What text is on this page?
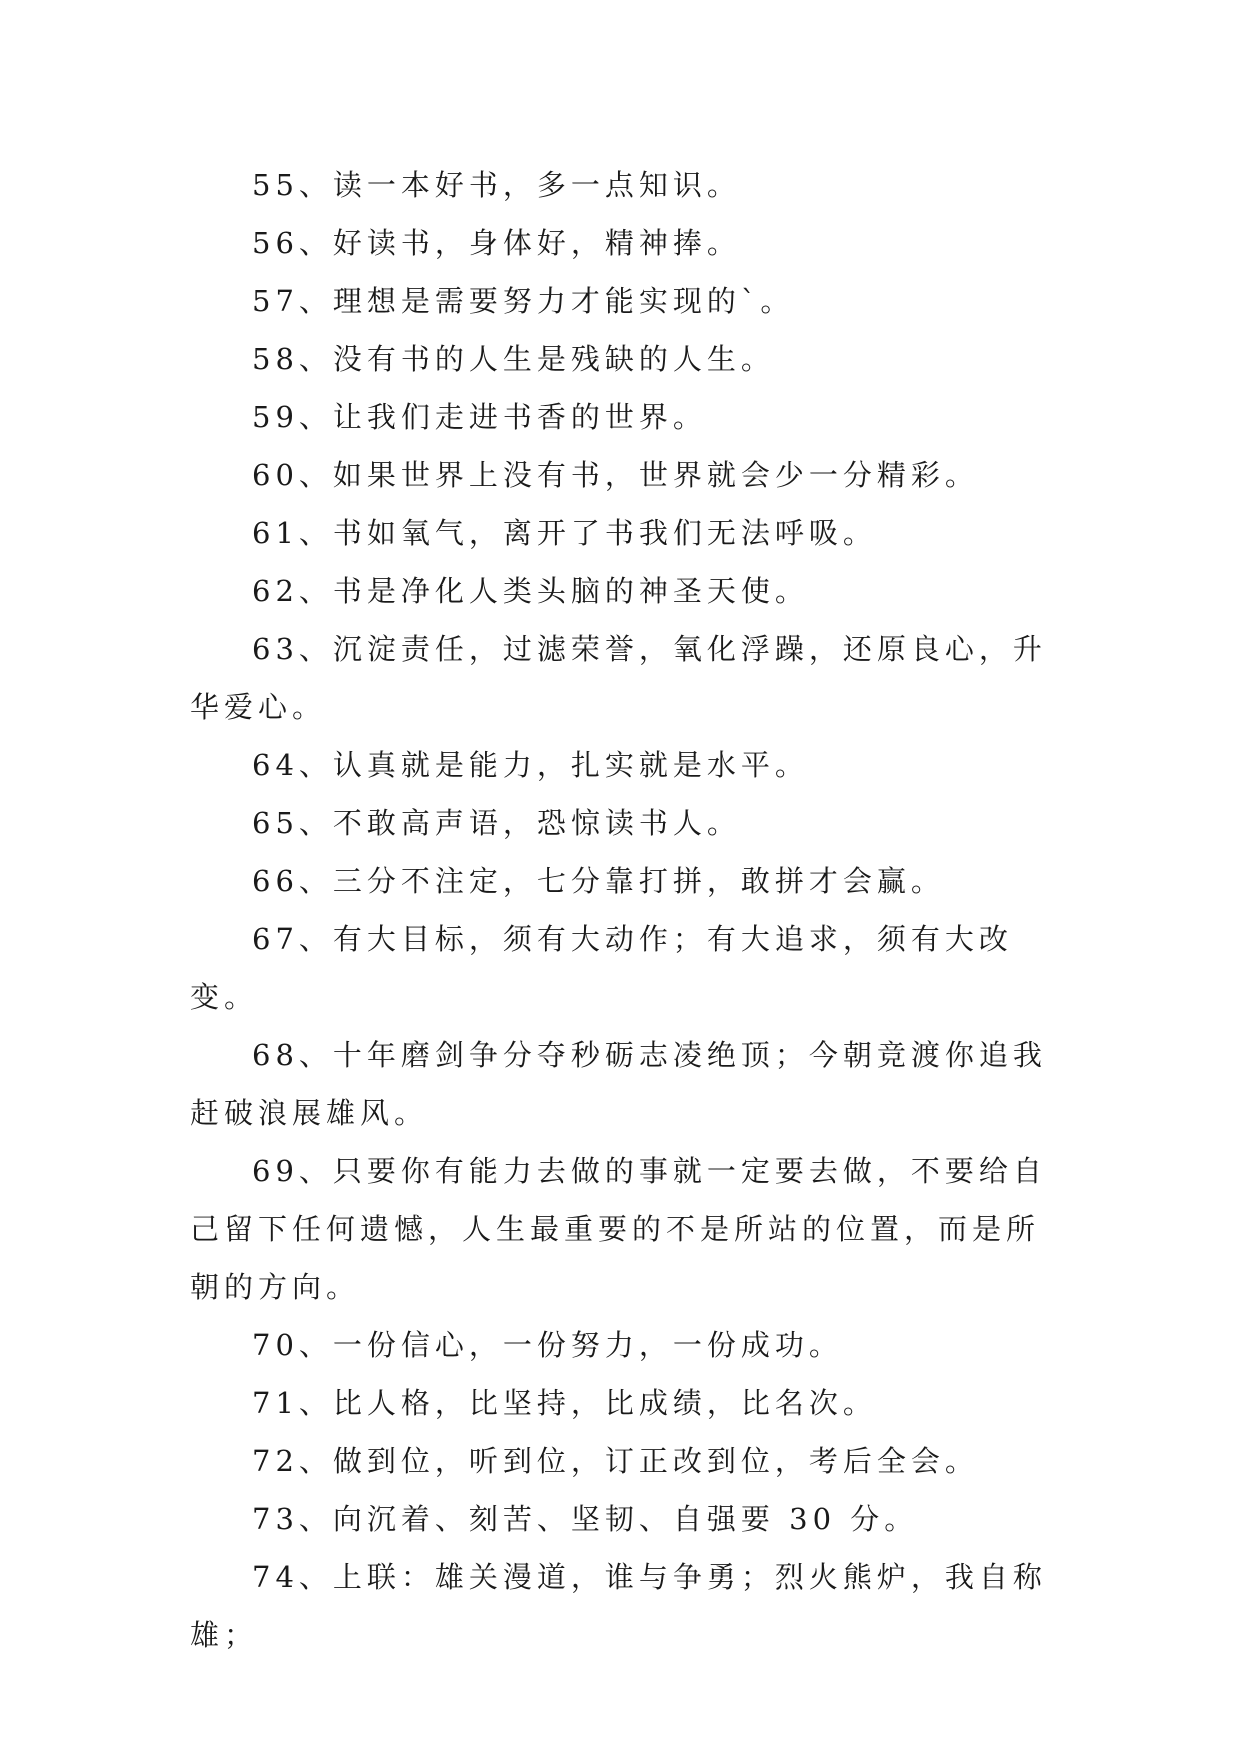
55、读一本好书，多一点知识。

56、好读书，身体好，精神捧。

57、理想是需要努力才能实现的`。

58、没有书的人生是残缺的人生。

59、让我们走进书香的世界。

60、如果世界上没有书，世界就会少一分精彩。

61、书如氧气，离开了书我们无法呼吸。

62、书是净化人类头脑的神圣天使。

63、沉淀责任，过滤荣誉，氧化浮躁，还原良心，升华爱心。

64、认真就是能力，扎实就是水平。

65、不敢高声语，恐惊读书人。

66、三分不注定，七分靠打拼，敢拼才会赢。

67、有大目标，须有大动作；有大追求，须有大改变。

68、十年磨剑争分夺秒砺志凌绝顶；今朝竞渡你追我赶破浪展雄风。

69、只要你有能力去做的事就一定要去做，不要给自己留下任何遗憾，人生最重要的不是所站的位置，而是所朝的方向。

70、一份信心，一份努力，一份成功。

71、比人格，比坚持，比成绩，比名次。

72、做到位，听到位，订正改到位，考后全会。

73、向沉着、刻苦、坚韧、自强要 30 分。

74、上联：雄关漫道，谁与争勇；烈火熊炉，我自称雄；
